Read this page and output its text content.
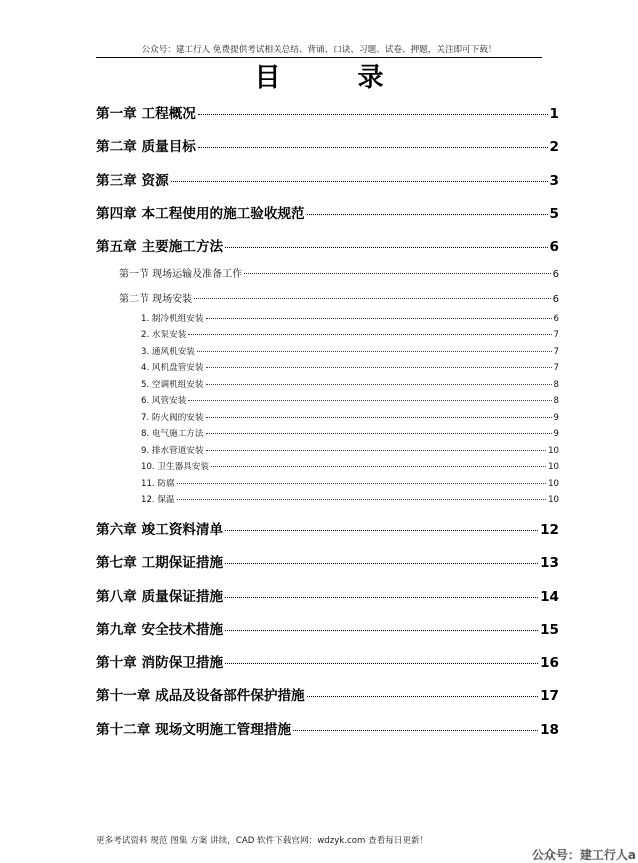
公众号：建工行人 免费提供考试相关总结、背诵、口诀、习题、试卷、押题，关注即可下载！
目 录
第一章 工程概况	1
第二章 质量目标	2
第三章 资源	3
第四章 本工程使用的施工验收规范	5
第五章 主要施工方法	6
第一节 现场运输及准备工作	6
第二节 现场安装	6
1. 制冷机组安装	6
2. 水泵安装	7
3. 通风机安装	7
4. 风机盘管安装	7
5. 空调机组安装	8
6. 风管安装	8
7. 防火阀的安装	9
8. 电气施工方法	9
9. 排水管道安装	10
10. 卫生器具安装	10
11. 防腐	10
12. 保温	10
第六章 竣工资料清单	12
第七章 工期保证措施	13
第八章 质量保证措施	14
第九章 安全技术措施	15
第十章 消防保卫措施	16
第十一章 成品及设备部件保护措施	17
第十二章 现场文明施工管理措施	18
更多考试资料 规范 图集 方案 讲续，CAD 软件下载官网：wdzyk.com 查看每日更新！
公众号：建工行人a
